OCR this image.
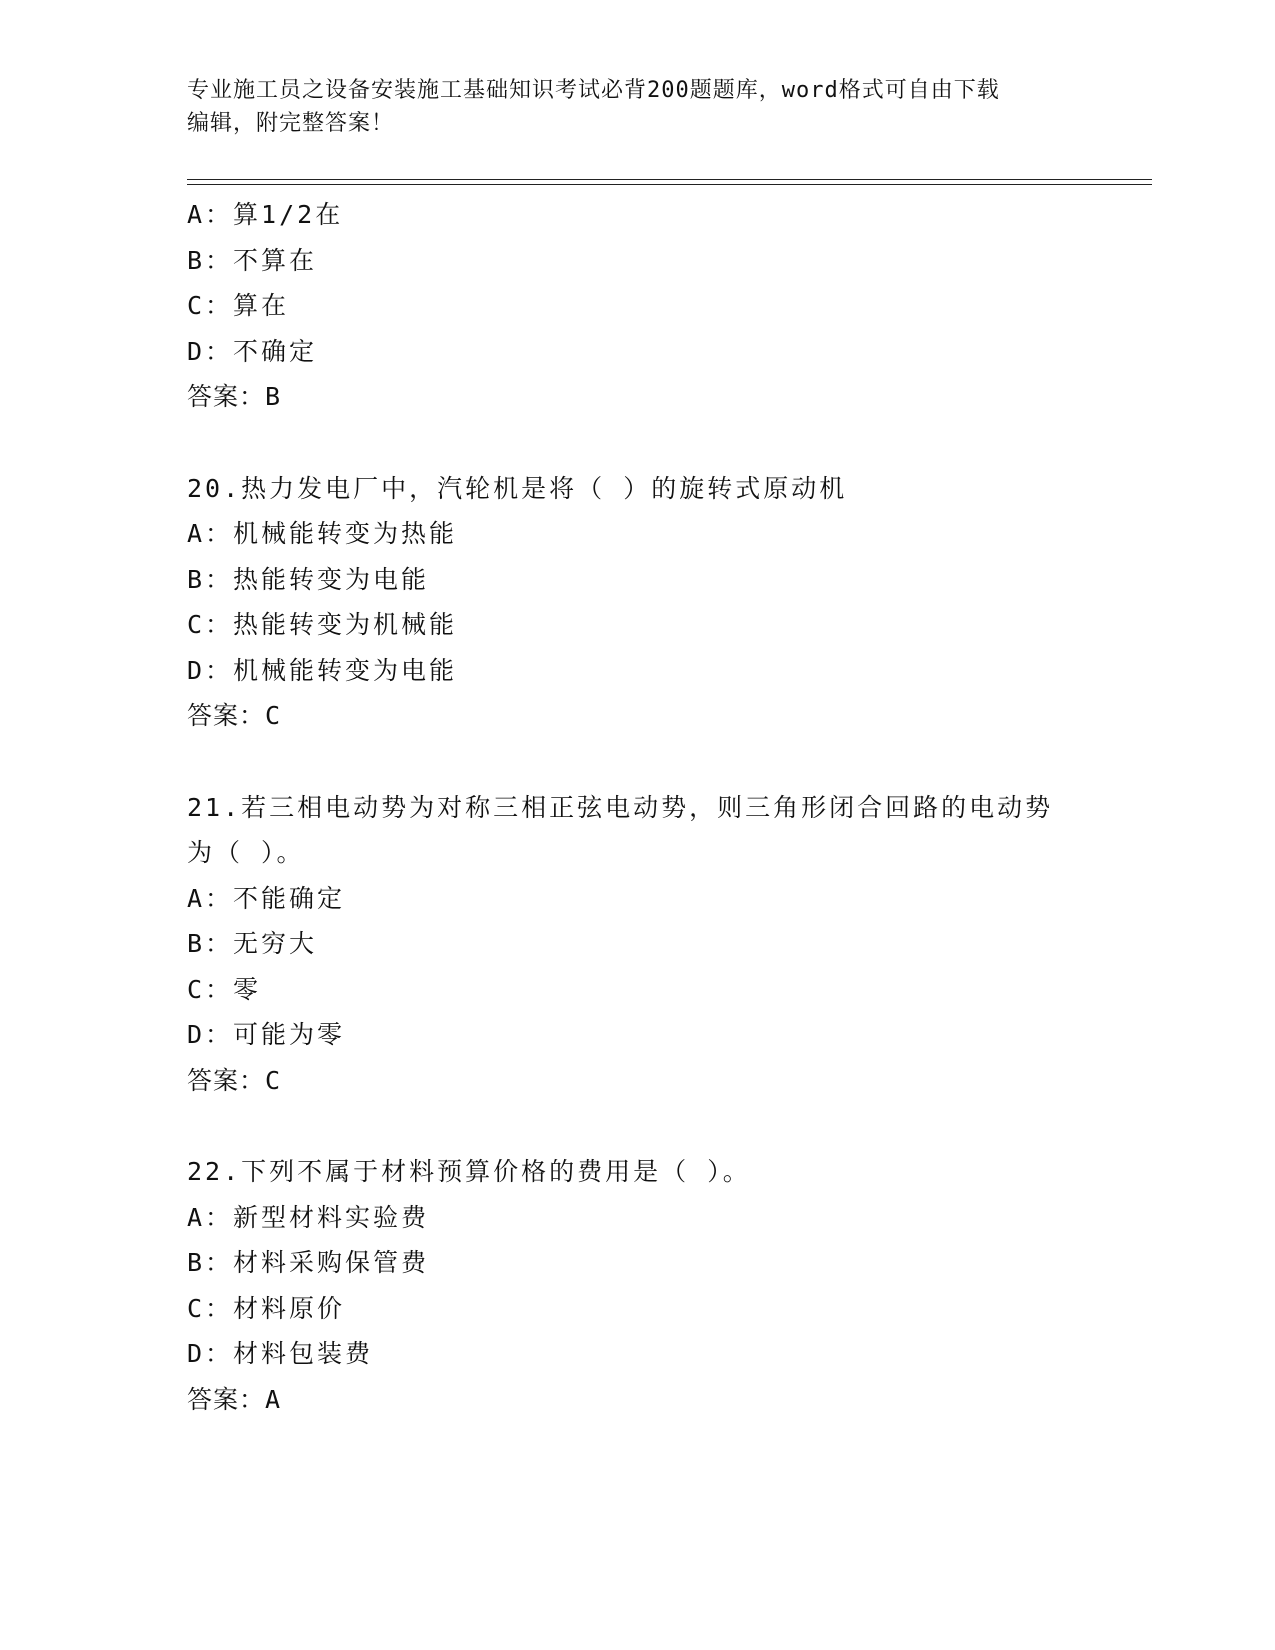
专业施工员之设备安装施工基础知识考试必背200题题库，word格式可自由下载
编辑，附完整答案！
A：算1/2在
B：不算在
C：算在
D：不确定
答案：B
20.热力发电厂中，汽轮机是将（ ）的旋转式原动机
A：机械能转变为热能
B：热能转变为电能
C：热能转变为机械能
D：机械能转变为电能
答案：C
21.若三相电动势为对称三相正弦电动势，则三角形闭合回路的电动势
为（ ）。
A：不能确定
B：无穷大
C：零
D：可能为零
答案：C
22.下列不属于材料预算价格的费用是（ ）。
A：新型材料实验费
B：材料采购保管费
C：材料原价
D：材料包装费
答案：A
